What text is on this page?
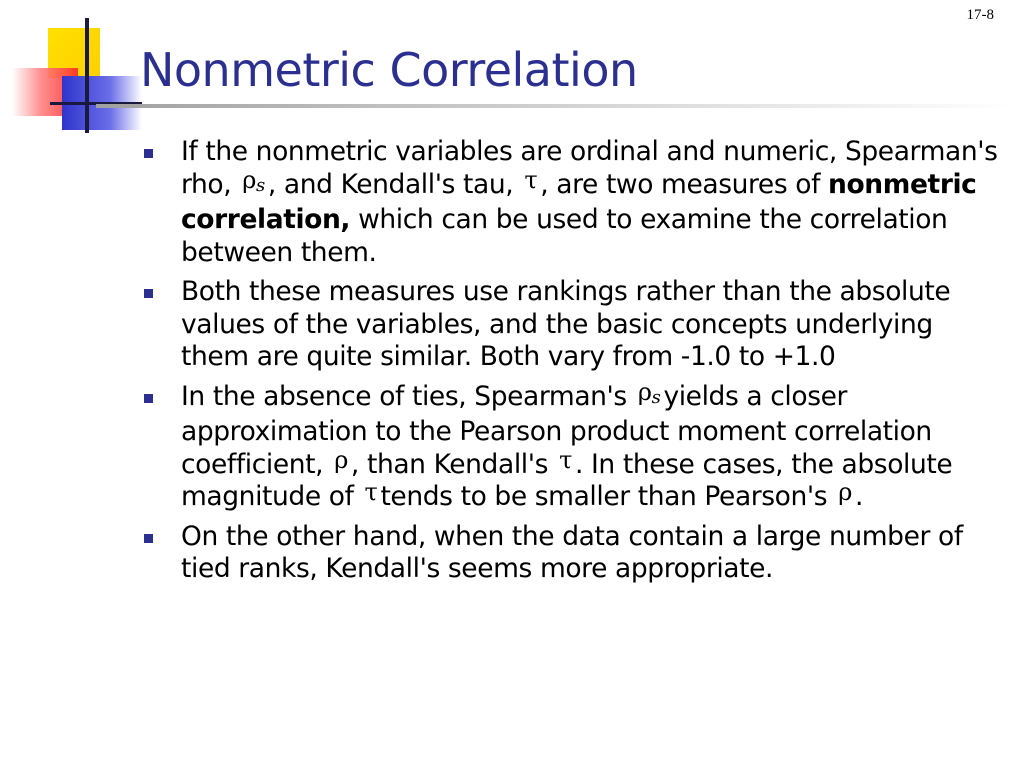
17-8
Nonmetric Correlation
If the nonmetric variables are ordinal and numeric, Spearman's rho, $\rho_s$ , and Kendall's tau, τ , are two measures of nonmetric correlation, which can be used to examine the correlation between them.
Both these measures use rankings rather than the absolute values of the variables, and the basic concepts underlying them are quite similar. Both vary from -1.0 to +1.0
In the absence of ties, Spearman's $\rho_s$ yields a closer approximation to the Pearson product moment correlation coefficient, ρ , than Kendall's τ . In these cases, the absolute magnitude of τ tends to be smaller than Pearson's ρ .
On the other hand, when the data contain a large number of tied ranks, Kendall's seems more appropriate.
